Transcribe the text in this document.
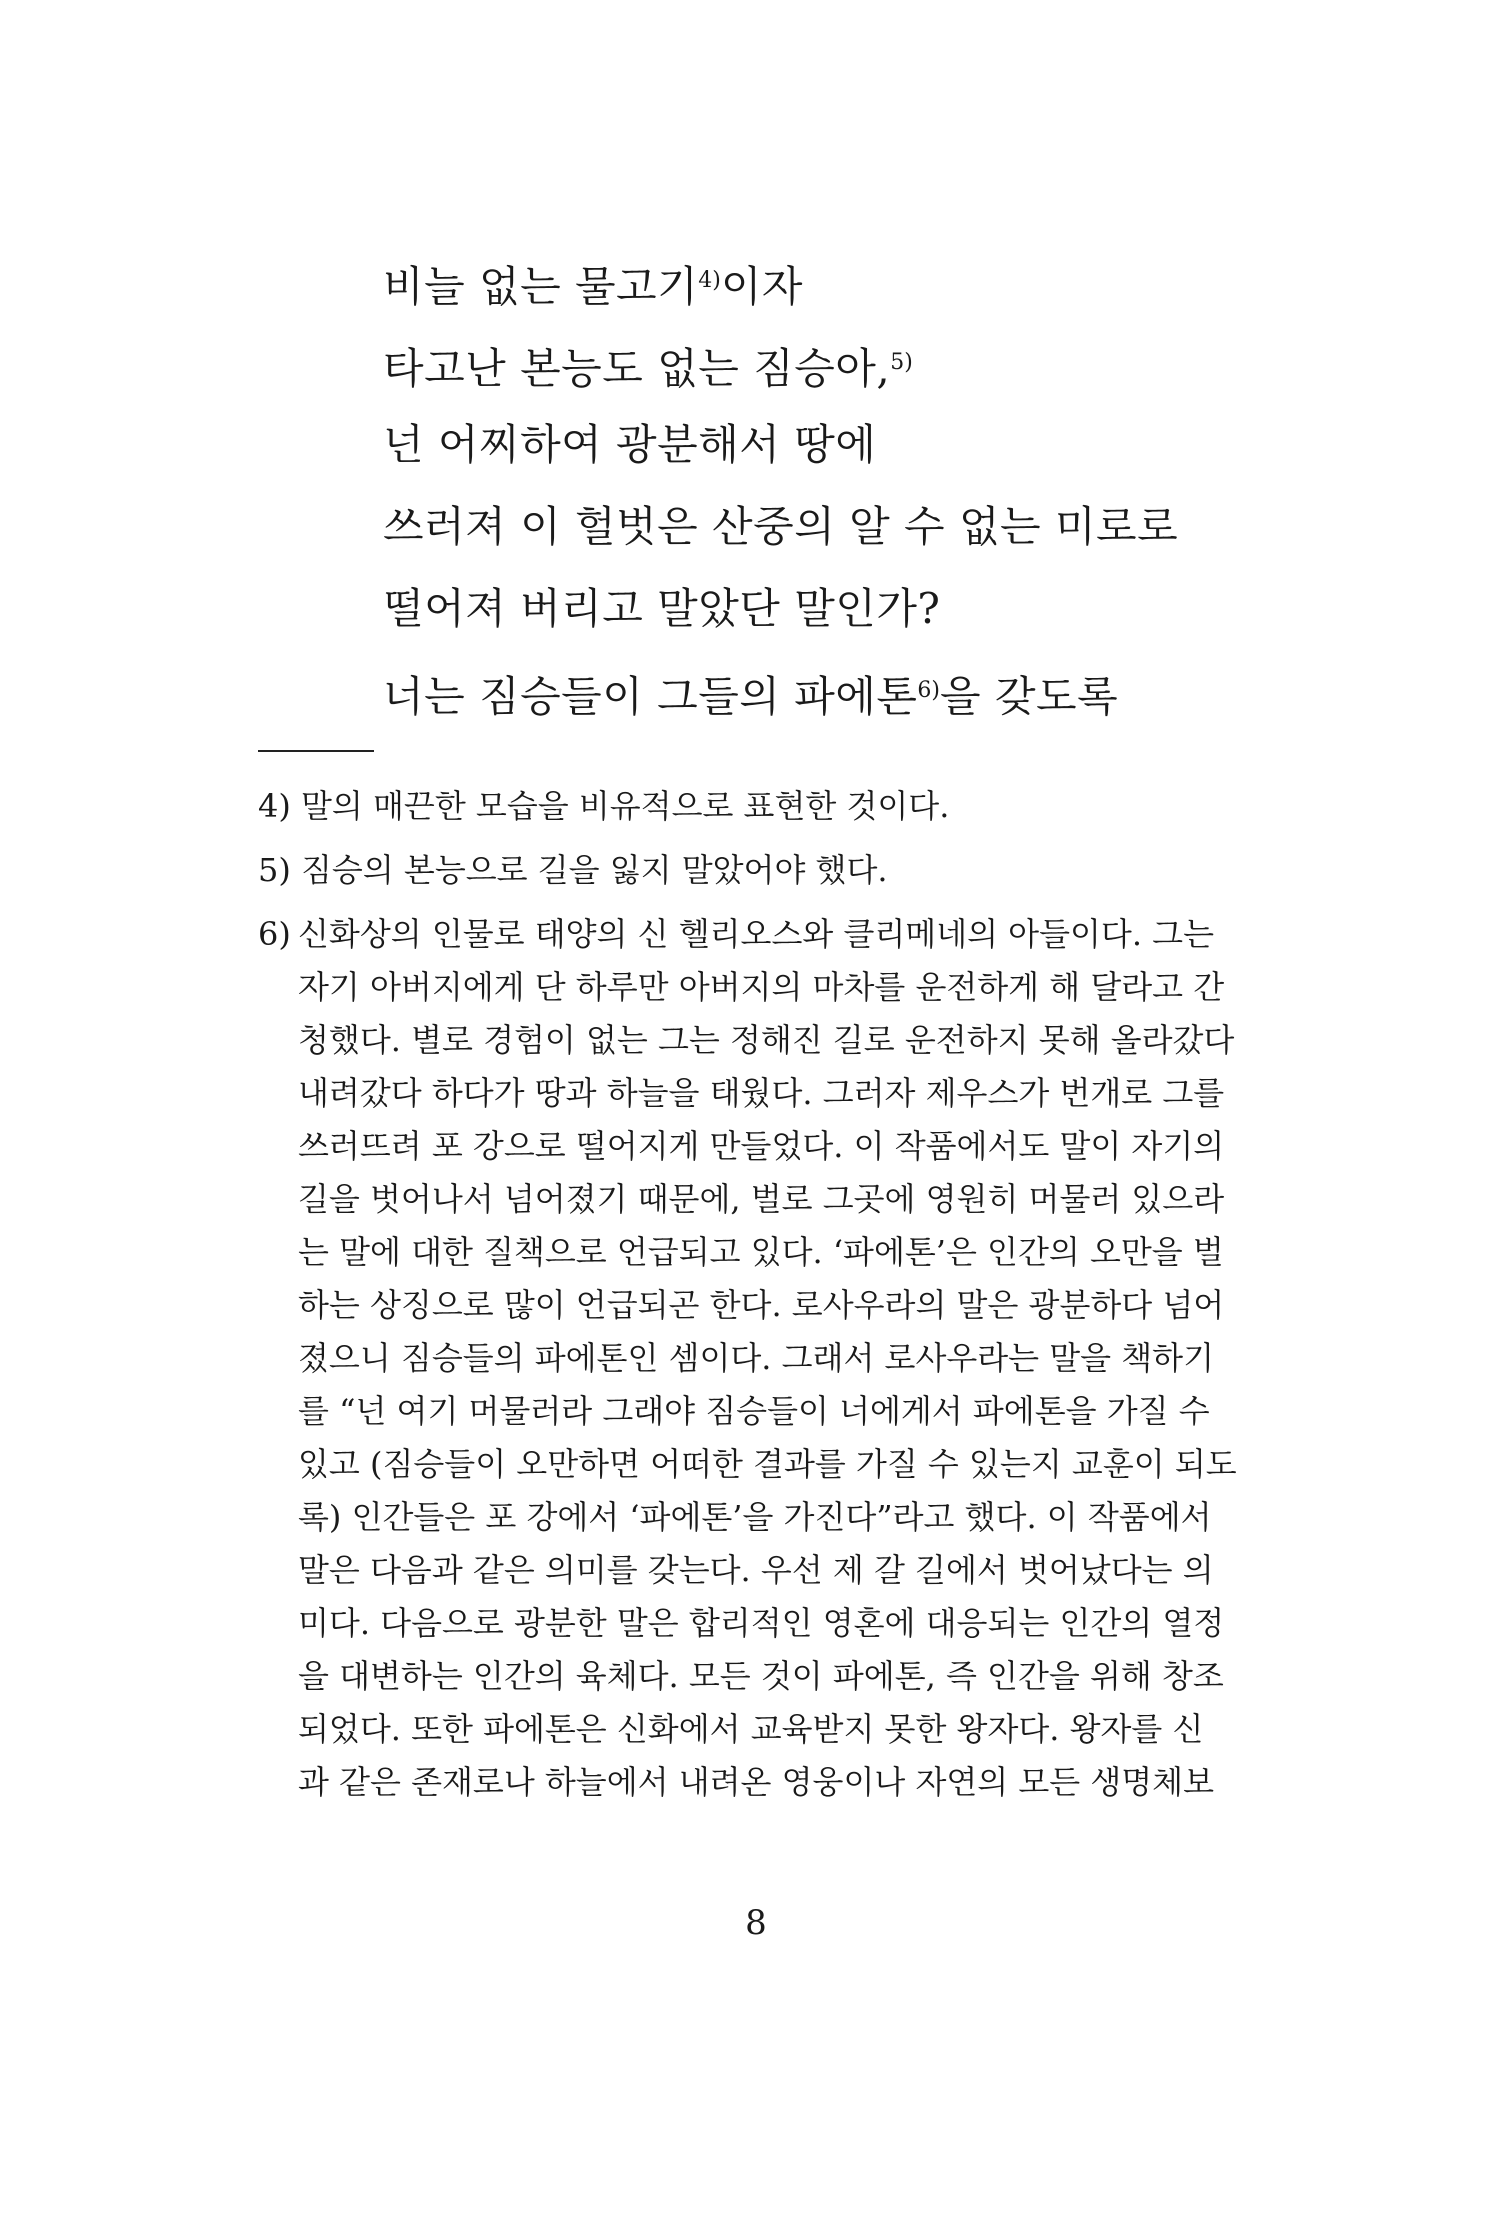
비늘 없는 물고기$^{4)}$이자
타고난 본능도 없는 짐승아,$^{5)}$
넌 어찌하여 광분해서 땅에
쓰러져 이 헐벗은 산중의 알 수 없는 미로로
떨어져 버리고 말았단 말인가?
너는 짐승들이 그들의 파에톤$^{6)}$을 갖도록
4) 말의 매끈한 모습을 비유적으로 표현한 것이다.
5) 짐승의 본능으로 길을 잃지 말았어야 했다.
6) 신화상의 인물로 태양의 신 헬리오스와 클리메네의 아들이다. 그는
자기 아버지에게 단 하루만 아버지의 마차를 운전하게 해 달라고 간
청했다. 별로 경험이 없는 그는 정해진 길로 운전하지 못해 올라갔다
내려갔다 하다가 땅과 하늘을 태웠다. 그러자 제우스가 번개로 그를
쓰러뜨려 포 강으로 떨어지게 만들었다. 이 작품에서도 말이 자기의
길을 벗어나서 넘어졌기 때문에, 벌로 그곳에 영원히 머물러 있으라
는 말에 대한 질책으로 언급되고 있다. ‘파에톤’은 인간의 오만을 벌
하는 상징으로 많이 언급되곤 한다. 로사우라의 말은 광분하다 넘어
졌으니 짐승들의 파에톤인 셈이다. 그래서 로사우라는 말을 책하기
를 “넌 여기 머물러라 그래야 짐승들이 너에게서 파에톤을 가질 수
있고 (짐승들이 오만하면 어떠한 결과를 가질 수 있는지 교훈이 되도
록) 인간들은 포 강에서 ‘파에톤’을 가진다”라고 했다. 이 작품에서
말은 다음과 같은 의미를 갖는다. 우선 제 갈 길에서 벗어났다는 의
미다. 다음으로 광분한 말은 합리적인 영혼에 대응되는 인간의 열정
을 대변하는 인간의 육체다. 모든 것이 파에톤, 즉 인간을 위해 창조
되었다. 또한 파에톤은 신화에서 교육받지 못한 왕자다. 왕자를 신
과 같은 존재로나 하늘에서 내려온 영웅이나 자연의 모든 생명체보
8
